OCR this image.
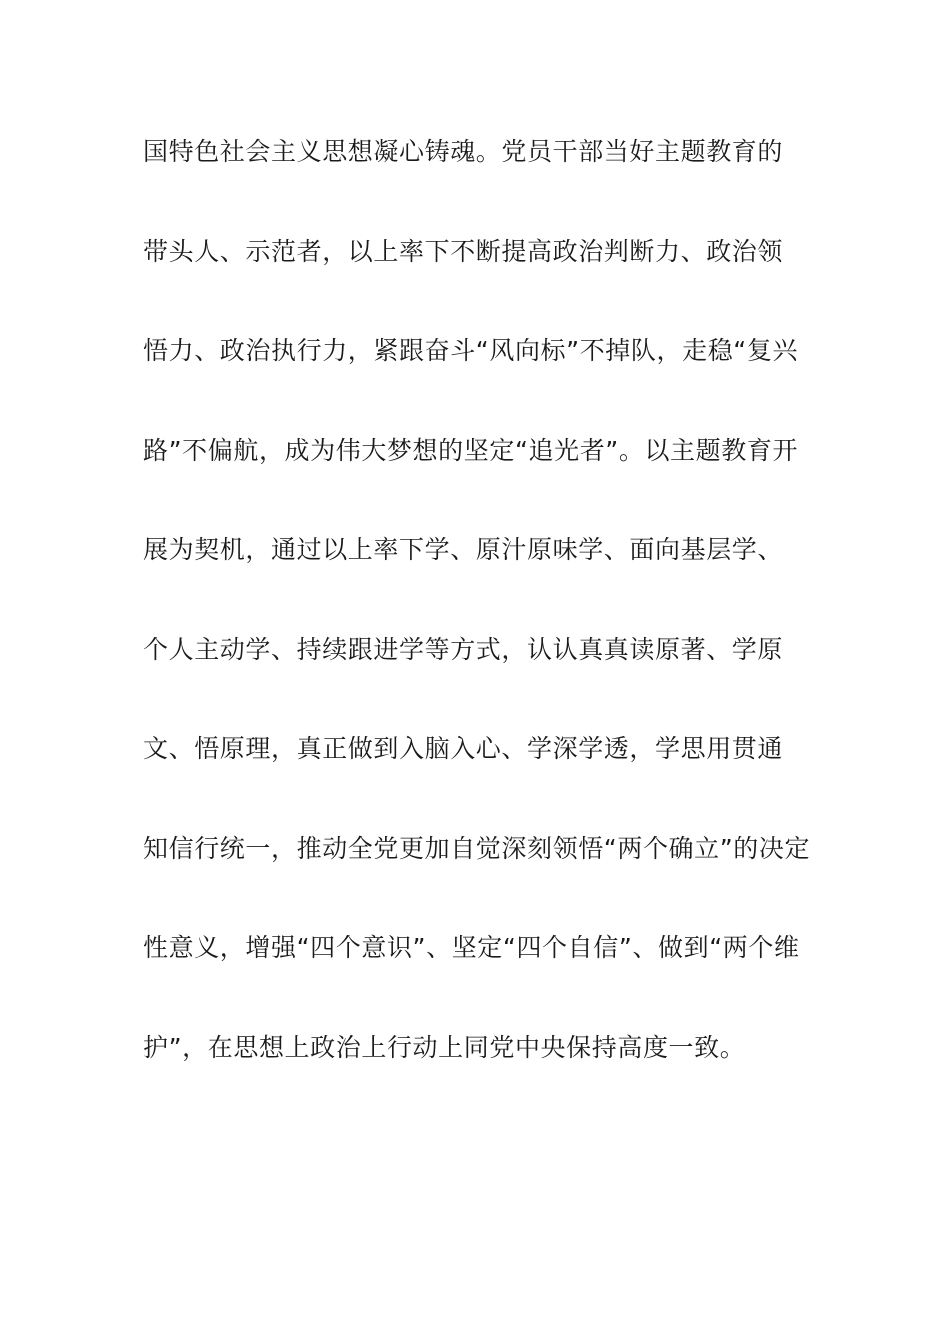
国特色社会主义思想凝心铸魂。党员干部当好主题教育的
带头人、示范者，以上率下不断提高政治判断力、政治领
悟力、政治执行力，紧跟奋斗“风向标”不掉队，走稳“复兴
路”不偏航，成为伟大梦想的坚定“追光者”。以主题教育开
展为契机，通过以上率下学、原汁原味学、面向基层学、
个人主动学、持续跟进学等方式，认认真真读原著、学原
文、悟原理，真正做到入脑入心、学深学透，学思用贯通
知信行统一，推动全党更加自觉深刻领悟“两个确立”的决定
性意义，增强“四个意识”、坚定“四个自信”、做到“两个维
护”，在思想上政治上行动上同党中央保持高度一致。
